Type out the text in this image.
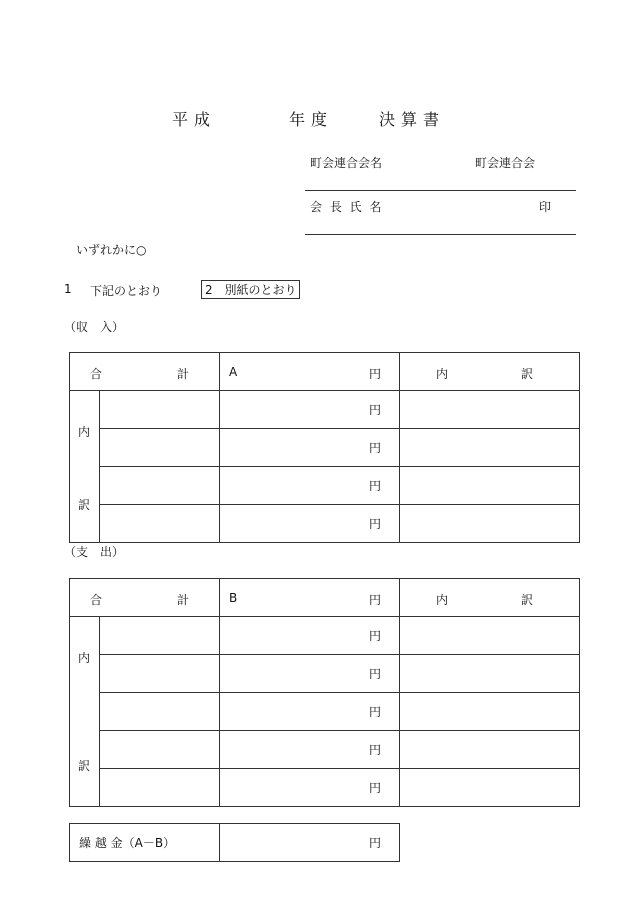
平成	年度	決算書
町会連合会名	町会連合会
会 長 氏 名	印
いずれかに○
1 下記のとおり	2 別紙のとおり
（収　入）
合 計		A 円	内 訳

内
訳		円	
		円	
		円	
		円	
（支　出）
合 計		B 円	内 訳

内
訳		円	
		円	
		円	
		円	
		円	
繰 越 金（A－B）	円
